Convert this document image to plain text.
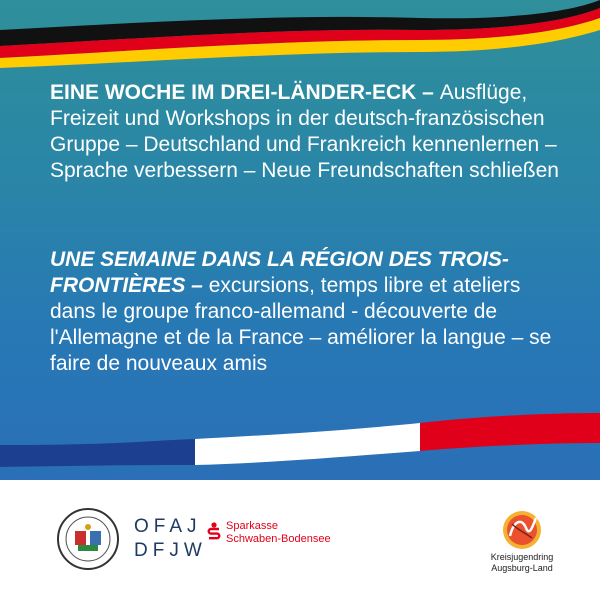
EINE WOCHE IM DREI-LÄNDER-ECK – Ausflüge, Freizeit und Workshops in der deutsch-französischen Gruppe – Deutschland und Frankreich kennenlernen – Sprache verbessern – Neue Freundschaften schließen
UNE SEMAINE DANS LA RÉGION DES TROIS-FRONTIÈRES – excursions, temps libre et ateliers dans le groupe franco-allemand - découverte de l'Allemagne et de la France – améliorer la langue – se faire de nouveaux amis
OFAJ
DFJW
Sparkasse
Schwaben-Bodensee
Kreisjugendring
Augsburg-Land
